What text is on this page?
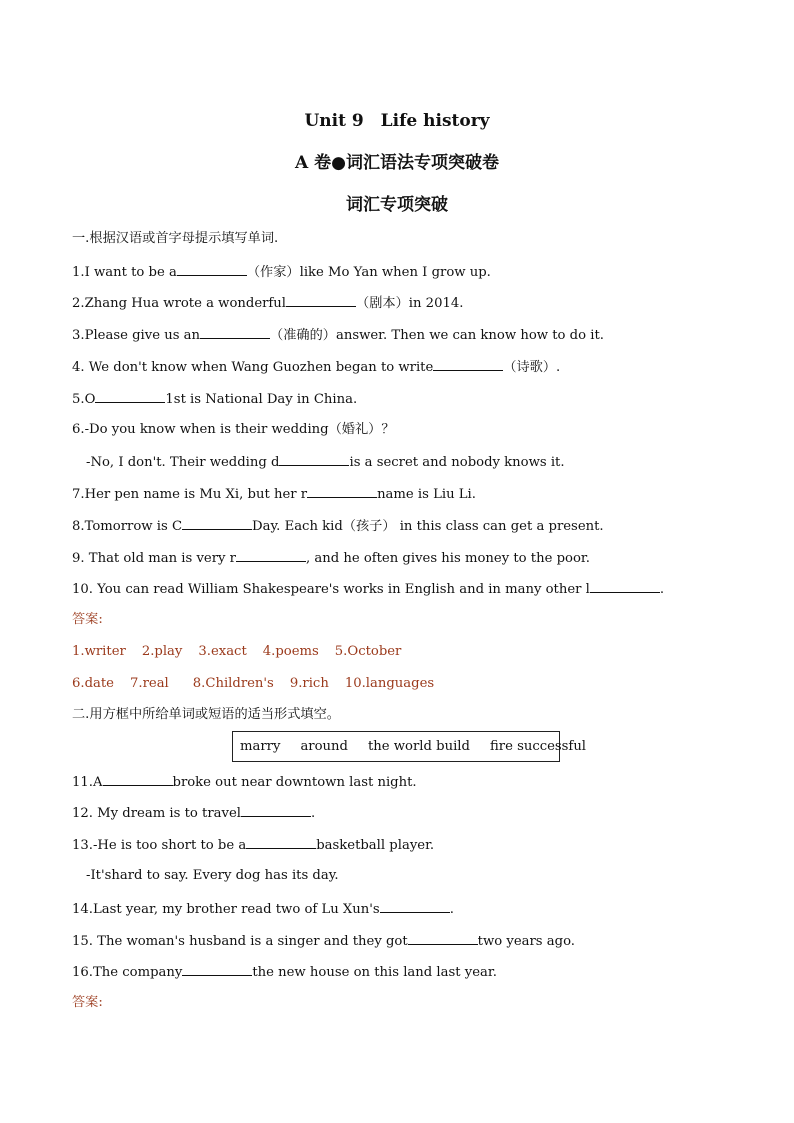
Unit 9　Life history
A 卷●词汇语法专项突破卷
词汇专项突破
一.根据汉语或首字母提示填写单词.
1.I want to be a	（作家）like Mo Yan when I grow up.
2.Zhang Hua wrote a wonderful	（剧本）in 2014.
3.Please give us an	（准确的）answer. Then we can know how to do it.
4. We don't know when Wang Guozhen began to write	（诗歌）.
5.O	1st is National Day in China.
6.-Do you know when is their wedding（婚礼）？
-No, I don't. Their wedding d	is a secret and nobody knows it.
7.Her pen name is Mu Xi, but her r	name is Liu Li.
8.Tomorrow is C	Day. Each kid（孩子） in this class can get a present.
9. That old man is very r	, and he often gives his money to the poor.
10. You can read William Shakespeare's works in English and in many other l	.
答案:
1.writer 2.play 3.exact 4.poems 5.October
6.date 7.real 8.Children's 9.rich 10.languages
二.用方框中所给单词或短语的适当形式填空。
marry around the world build fire successful
11.A	broke out near downtown last night.
12. My dream is to travel	.
13.-He is too short to be a	basketball player.
-It'shard to say. Every dog has its day.
14.Last year, my brother read two of Lu Xun's	.
15. The woman's husband is a singer and they got	two years ago.
16.The company	the new house on this land last year.
答案:
